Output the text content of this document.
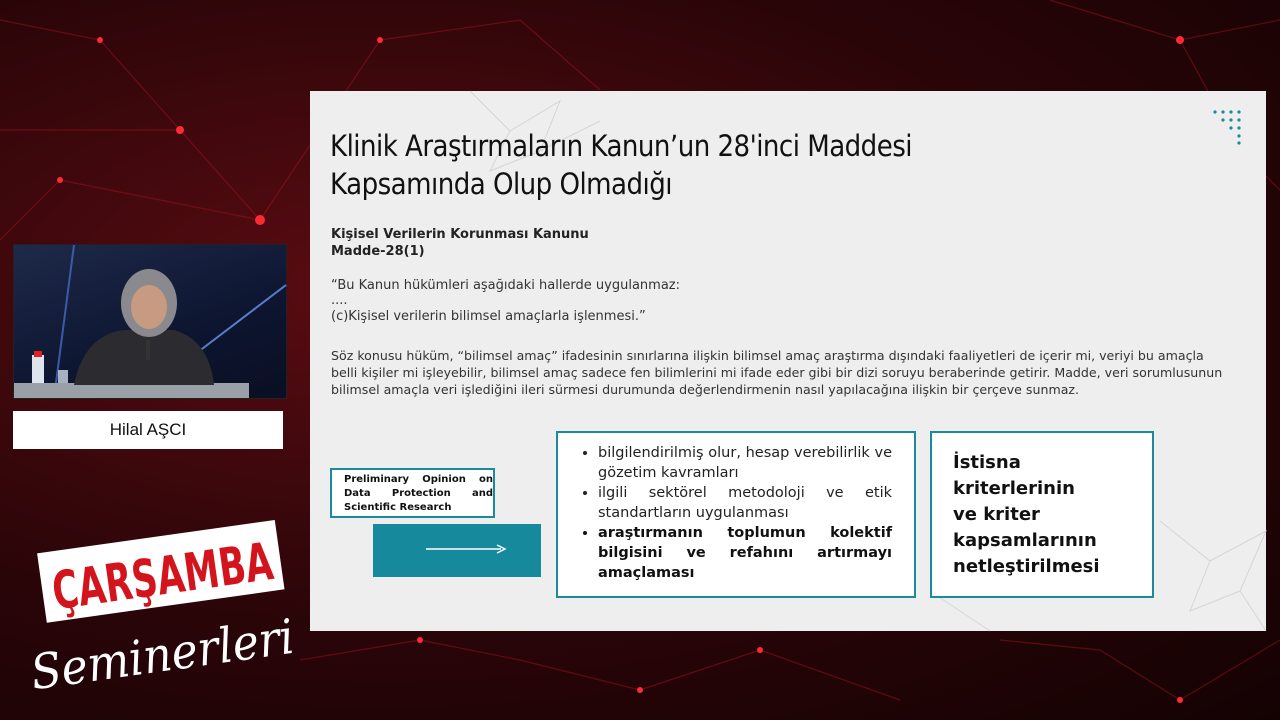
Hilal AŞCI
ÇARŞAMBA
Seminerleri
Klinik Araştırmaların Kanun’un 28'inci Maddesi
Kapsamında Olup Olmadığı
Kişisel Verilerin Korunması Kanunu
Madde-28(1)
“Bu Kanun hükümleri aşağıdaki hallerde uygulanmaz:
....
(c)Kişisel verilerin bilimsel amaçlarla işlenmesi.”
Söz konusu hüküm, “bilimsel amaç” ifadesinin sınırlarına ilişkin bilimsel amaç araştırma dışındaki faaliyetleri de içerir mi, veriyi bu amaçla belli kişiler mi işleyebilir, bilimsel amaç sadece fen bilimlerini mi ifade eder gibi bir dizi soruyu beraberinde getirir. Madde, veri sorumlusunun bilimsel amaçla veri işlediğini ileri sürmesi durumunda değerlendirmenin nasıl yapılacağına ilişkin bir çerçeve sunmaz.
Preliminary Opinion on Data Protection and Scientific Research
• bilgilendirilmiş olur, hesap verebilirlik ve gözetim kavramları
• ilgili sektörel metodoloji ve etik standartların uygulanması
• araştırmanın toplumun kolektif bilgisini ve refahını artırmayı amaçlaması
İstisna
kriterlerinin
ve kriter
kapsamlarının
netleştirilmesi
